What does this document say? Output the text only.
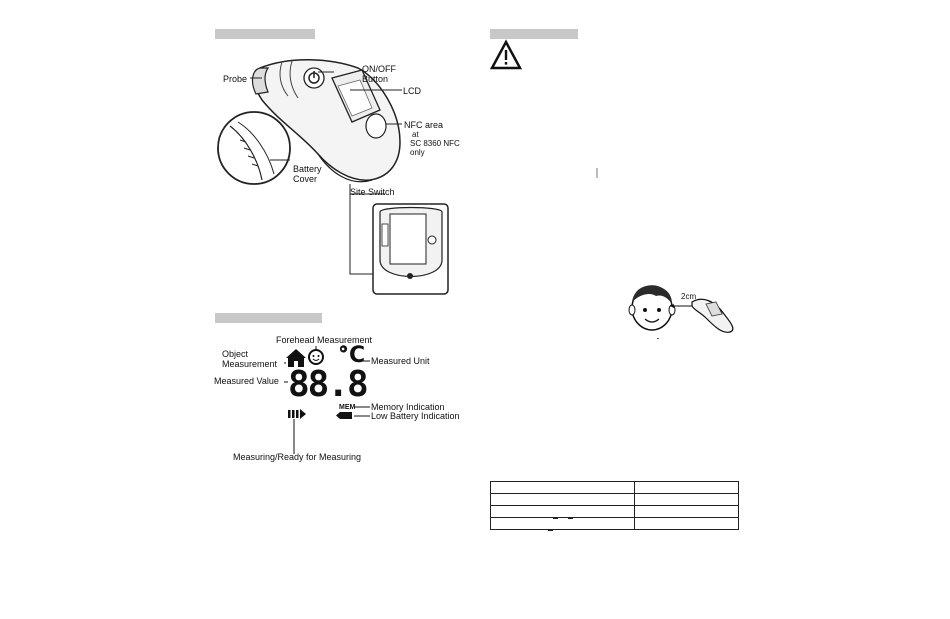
Probe
ON/OFF
Button
LCD
NFC area
at
SC 8360 NFC
only
Battery
Cover
Site Switch
°C
88.8
MEM
Forehead Measurement
Object
Measurement	Measured Unit
Measured Value
Memory Indication
Low Battery Indication
Measuring/Ready for Measuring
2cm
